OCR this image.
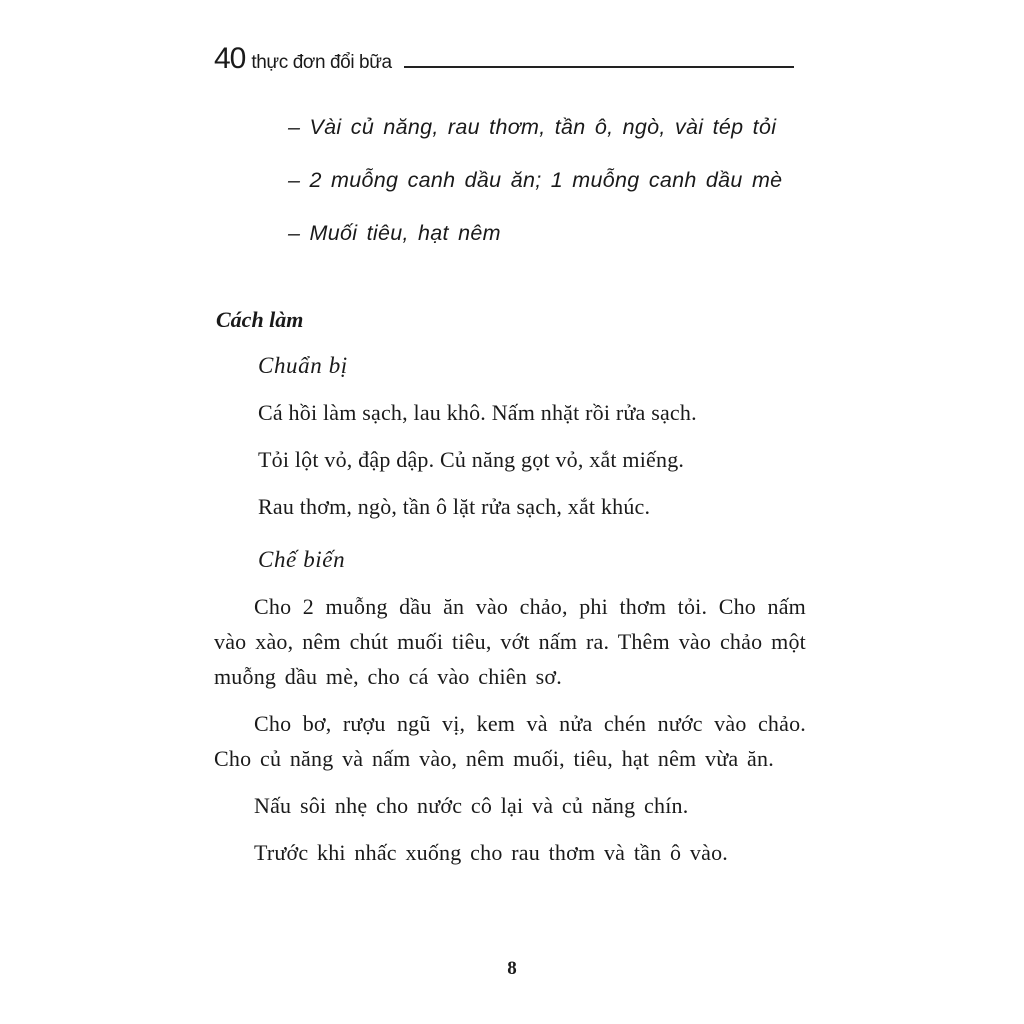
40 thực đơn đổi bữa
– Vài củ năng, rau thơm, tần ô, ngò, vài tép tỏi
– 2 muỗng canh dầu ăn; 1 muỗng canh dầu mè
– Muối tiêu, hạt nêm
Cách làm
Chuẩn bị
Cá hồi làm sạch, lau khô. Nấm nhặt rồi rửa sạch.
Tỏi lột vỏ, đập dập. Củ năng gọt vỏ, xắt miếng.
Rau thơm, ngò, tần ô lặt rửa sạch, xắt khúc.
Chế biến
Cho 2 muỗng dầu ăn vào chảo, phi thơm tỏi. Cho nấm vào xào, nêm chút muối tiêu, vớt nấm ra. Thêm vào chảo một muỗng dầu mè, cho cá vào chiên sơ.
Cho bơ, rượu ngũ vị, kem và nửa chén nước vào chảo. Cho củ năng và nấm vào, nêm muối, tiêu, hạt nêm vừa ăn.
Nấu sôi nhẹ cho nước cô lại và củ năng chín.
Trước khi nhấc xuống cho rau thơm và tần ô vào.
8
